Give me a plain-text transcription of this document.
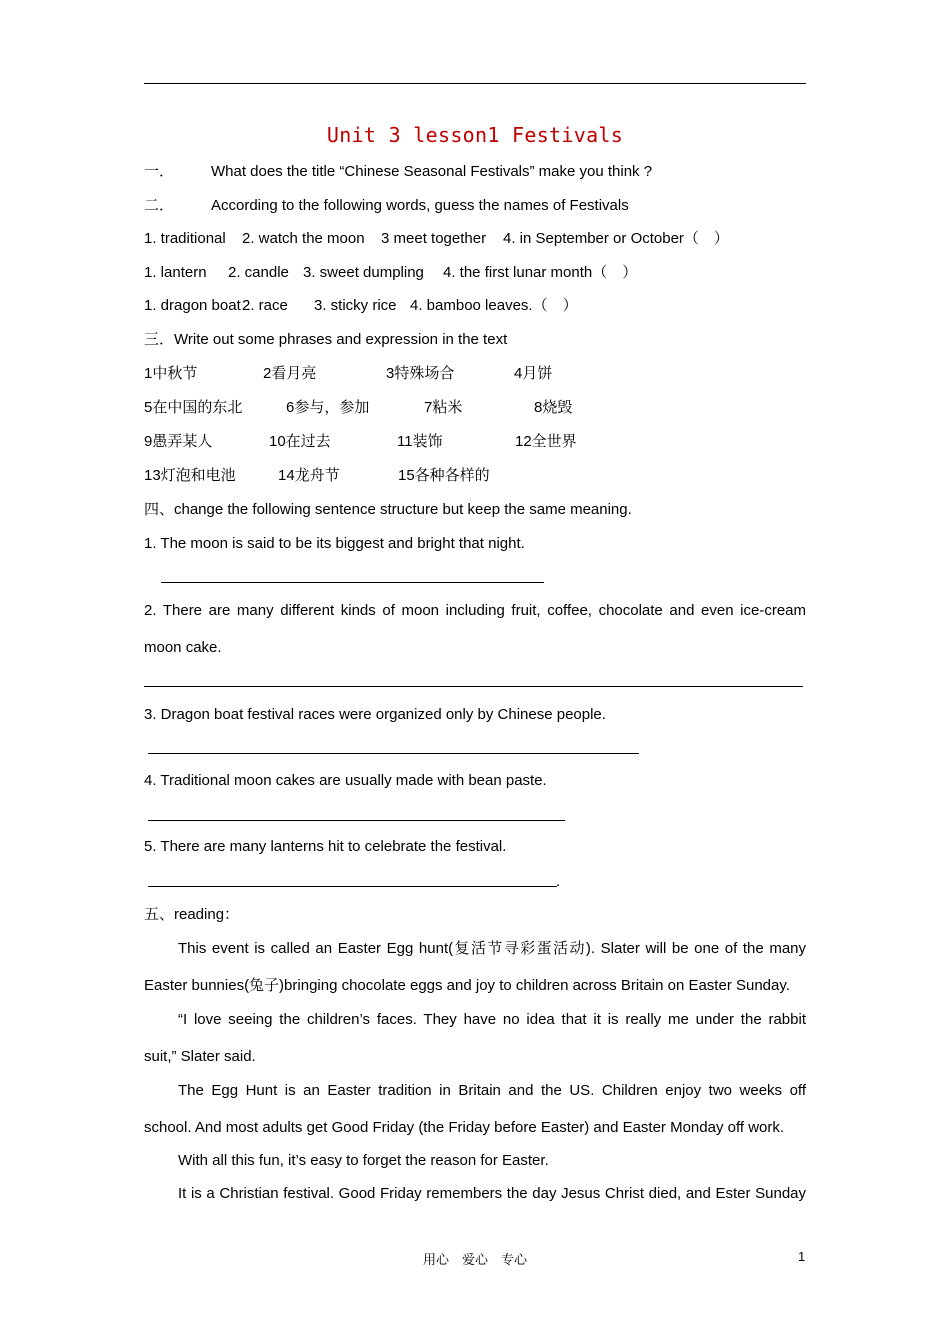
Unit 3 lesson1 Festivals
一． What does the title “Chinese Seasonal Festivals” make you think ?
二． According to the following words, guess the names of Festivals
1. traditional 2. watch the moon 3 meet together 4. in September or October（　）
1. lantern 2. candle 3. sweet dumpling 4. the first lunar month（　）
1. dragon boat2. race 3. sticky rice 4. bamboo leaves.（　）
三．Write out some phrases and expression in the text
1中秋节	2看月亮	3特殊场合	4月饼
5在中国的东北	6参与，参加	7粘米	8烧毁
9愚弄某人	10在过去	11装饰	12全世界
13灯泡和电池	14龙舟节	15各种各样的
四、change the following sentence structure but keep the same meaning.
1. The moon is said to be its biggest and bright that night.
2. There are many different kinds of moon including fruit, coffee, chocolate and even ice-cream
moon cake.
3. Dragon boat festival races were organized only by Chinese people.
4. Traditional moon cakes are usually made with bean paste.
5. There are many lanterns hit to celebrate the festival.
.
五、reading：
This event is called an Easter Egg hunt(复活节寻彩蛋活动). Slater will be one of the many
Easter bunnies(兔子)bringing chocolate eggs and joy to children across Britain on Easter Sunday.
“I love seeing the children’s faces. They have no idea that it is really me under the rabbit
suit,” Slater said.
The Egg Hunt is an Easter tradition in Britain and the US. Children enjoy two weeks off
school. And most adults get Good Friday (the Friday before Easter) and Easter Monday off work.
With all this fun, it’s easy to forget the reason for Easter.
It is a Christian festival. Good Friday remembers the day Jesus Christ died, and Ester Sunday
用心　爱心　专心	1
